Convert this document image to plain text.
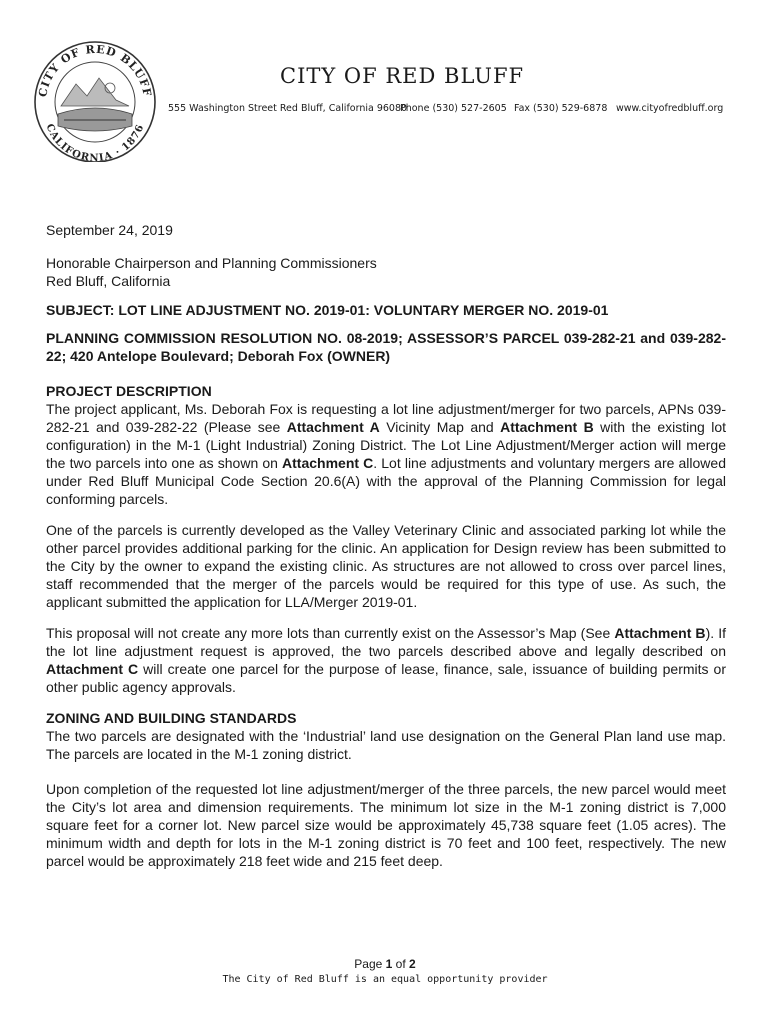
CITY OF RED BLUFF
CALIFORNIA · 1876
CITY OF RED BLUFF
555 Washington Street Red Bluff, California 96080
Phone (530) 527-2605 Fax (530) 529-6878 www.cityofredbluff.org

September 24, 2019

Honorable Chairperson and Planning Commissioners
Red Bluff, California

SUBJECT: LOT LINE ADJUSTMENT NO. 2019-01: VOLUNTARY MERGER NO. 2019-01

PLANNING COMMISSION RESOLUTION NO. 08-2019; ASSESSOR’S PARCEL 039-282-21 and 039-282-22; 420 Antelope Boulevard; Deborah Fox (OWNER)

PROJECT DESCRIPTION

The project applicant, Ms. Deborah Fox is requesting a lot line adjustment/merger for two parcels, APNs 039-282-21 and 039-282-22 (Please see Attachment A Vicinity Map and Attachment B with the existing lot configuration) in the M-1 (Light Industrial) Zoning District. The Lot Line Adjustment/Merger action will merge the two parcels into one as shown on Attachment C. Lot line adjustments and voluntary mergers are allowed under Red Bluff Municipal Code Section 20.6(A) with the approval of the Planning Commission for legal conforming parcels.

One of the parcels is currently developed as the Valley Veterinary Clinic and associated parking lot while the other parcel provides additional parking for the clinic. An application for Design review has been submitted to the City by the owner to expand the existing clinic. As structures are not allowed to cross over parcel lines, staff recommended that the merger of the parcels would be required for this type of use. As such, the applicant submitted the application for LLA/Merger 2019-01.

This proposal will not create any more lots than currently exist on the Assessor’s Map (See Attachment B). If the lot line adjustment request is approved, the two parcels described above and legally described on Attachment C will create one parcel for the purpose of lease, finance, sale, issuance of building permits or other public agency approvals.

ZONING AND BUILDING STANDARDS

The two parcels are designated with the ‘Industrial’ land use designation on the General Plan land use map. The parcels are located in the M-1 zoning district.

Upon completion of the requested lot line adjustment/merger of the three parcels, the new parcel would meet the City’s lot area and dimension requirements. The minimum lot size in the M-1 zoning district is 7,000 square feet for a corner lot. New parcel size would be approximately 45,738 square feet (1.05 acres). The minimum width and depth for lots in the M-1 zoning district is 70 feet and 100 feet, respectively. The new parcel would be approximately 218 feet wide and 215 feet deep.

Page 1 of 2
The City of Red Bluff is an equal opportunity provider
